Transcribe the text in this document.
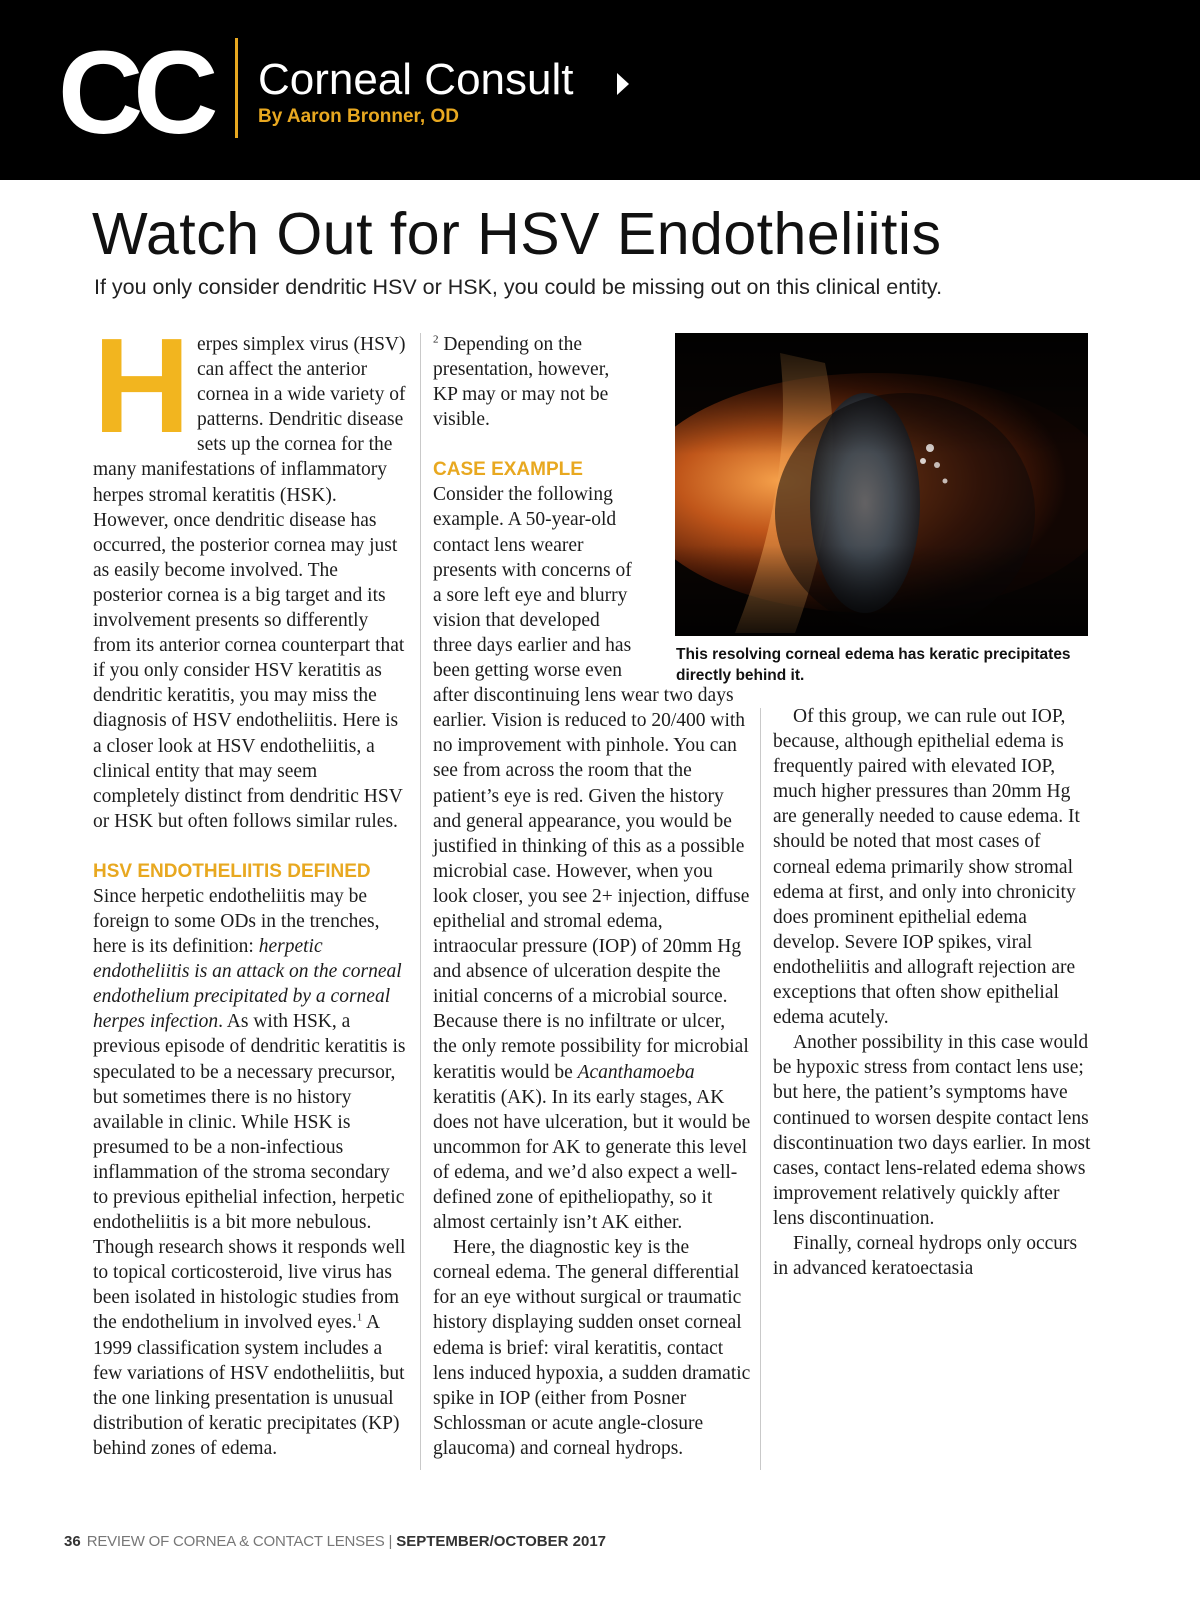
CC Corneal Consult
By Aaron Bronner, OD
Watch Out for HSV Endotheliitis
If you only consider dendritic HSV or HSK, you could be missing out on this clinical entity.

Herpes simplex virus (HSV) can affect the anterior cornea in a wide variety of patterns. Dendritic disease sets up the cornea for the many manifestations of inflammatory herpes stromal keratitis (HSK). However, once dendritic disease has occurred, the posterior cornea may just as easily become involved. The posterior cornea is a big target and its involvement presents so differently from its anterior cornea counterpart that if you only consider HSV keratitis as dendritic keratitis, you may miss the diagnosis of HSV endotheliitis. Here is a closer look at HSV endotheliitis, a clinical entity that may seem completely distinct from dendritic HSV or HSK but often follows similar rules.

HSV ENDOTHELIITIS DEFINED

Since herpetic endotheliitis may be foreign to some ODs in the trenches, here is its definition: herpetic endotheliitis is an attack on the corneal endothelium precipitated by a corneal herpes infection. As with HSK, a previous episode of dendritic keratitis is speculated to be a necessary precursor, but sometimes there is no history available in clinic. While HSK is presumed to be a non-infectious inflammation of the stroma secondary to previous epithelial infection, herpetic endotheliitis is a bit more nebulous. Though research shows it responds well to topical corticosteroid, live virus has been isolated in histologic studies from the endothelium in involved eyes.$^1$ A 1999 classification system includes a few variations of HSV endotheliitis, but the one linking presentation is unusual distribution of keratic precipitates (KP) behind zones of edema.

$^2$ Depending on the presentation, however, KP may or may not be visible.

CASE EXAMPLE

Consider the following example. A 50-year-old contact lens wearer presents with concerns of a sore left eye and blurry vision that developed three days earlier and has been getting worse even after discontinuing lens wear two days earlier. Vision is reduced to 20/400 with no improvement with pinhole. You can see from across the room that the patient’s eye is red. Given the history and general appearance, you would be justified in thinking of this as a possible microbial case. However, when you look closer, you see 2+ injection, diffuse epithelial and stromal edema, intraocular pressure (IOP) of 20mm Hg and absence of ulceration despite the initial concerns of a microbial source. Because there is no infiltrate or ulcer, the only remote possibility for microbial keratitis would be Acanthamoeba keratitis (AK). In its early stages, AK does not have ulceration, but it would be uncommon for AK to generate this level of edema, and we’d also expect a well-defined zone of epitheliopathy, so it almost certainly isn’t AK either.

Here, the diagnostic key is the corneal edema. The general differential for an eye without surgical or traumatic history displaying sudden onset corneal edema is brief: viral keratitis, contact lens induced hypoxia, a sudden dramatic spike in IOP (either from Posner Schlossman or acute angle-closure glaucoma) and corneal hydrops.

Of this group, we can rule out IOP, because, although epithelial edema is frequently paired with elevated IOP, much higher pressures than 20mm Hg are generally needed to cause edema. It should be noted that most cases of corneal edema primarily show stromal edema at first, and only into chronicity does prominent epithelial edema develop. Severe IOP spikes, viral endotheliitis and allograft rejection are exceptions that often show epithelial edema acutely.

Another possibility in this case would be hypoxic stress from contact lens use; but here, the patient’s symptoms have continued to worsen despite contact lens discontinuation two days earlier. In most cases, contact lens-related edema shows improvement relatively quickly after lens discontinuation.

Finally, corneal hydrops only occurs in advanced keratoectasia

This resolving corneal edema has keratic precipitates directly behind it.
36 REVIEW OF CORNEA & CONTACT LENSES | SEPTEMBER/OCTOBER 2017
